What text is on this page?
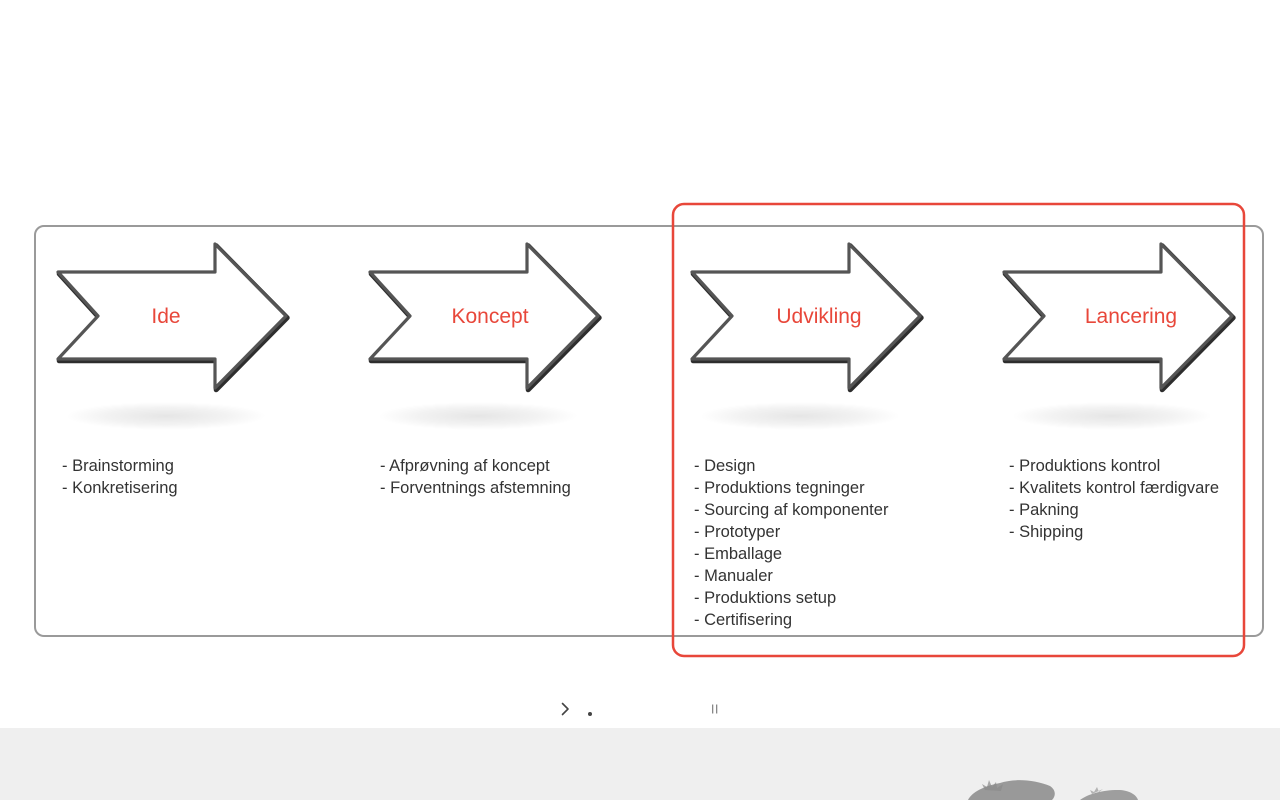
Ide	Koncept	Udvikling	Lancering
- Brainstorming
- Konkretisering
- Afprøvning af koncept
- Forventnings afstemning
- Design
- Produktions tegninger
- Sourcing af komponenter
- Prototyper
- Emballage
- Manualer
- Produktions setup
- Certifisering
- Produktions kontrol
- Kvalitets kontrol færdigvare
- Pakning
- Shipping
